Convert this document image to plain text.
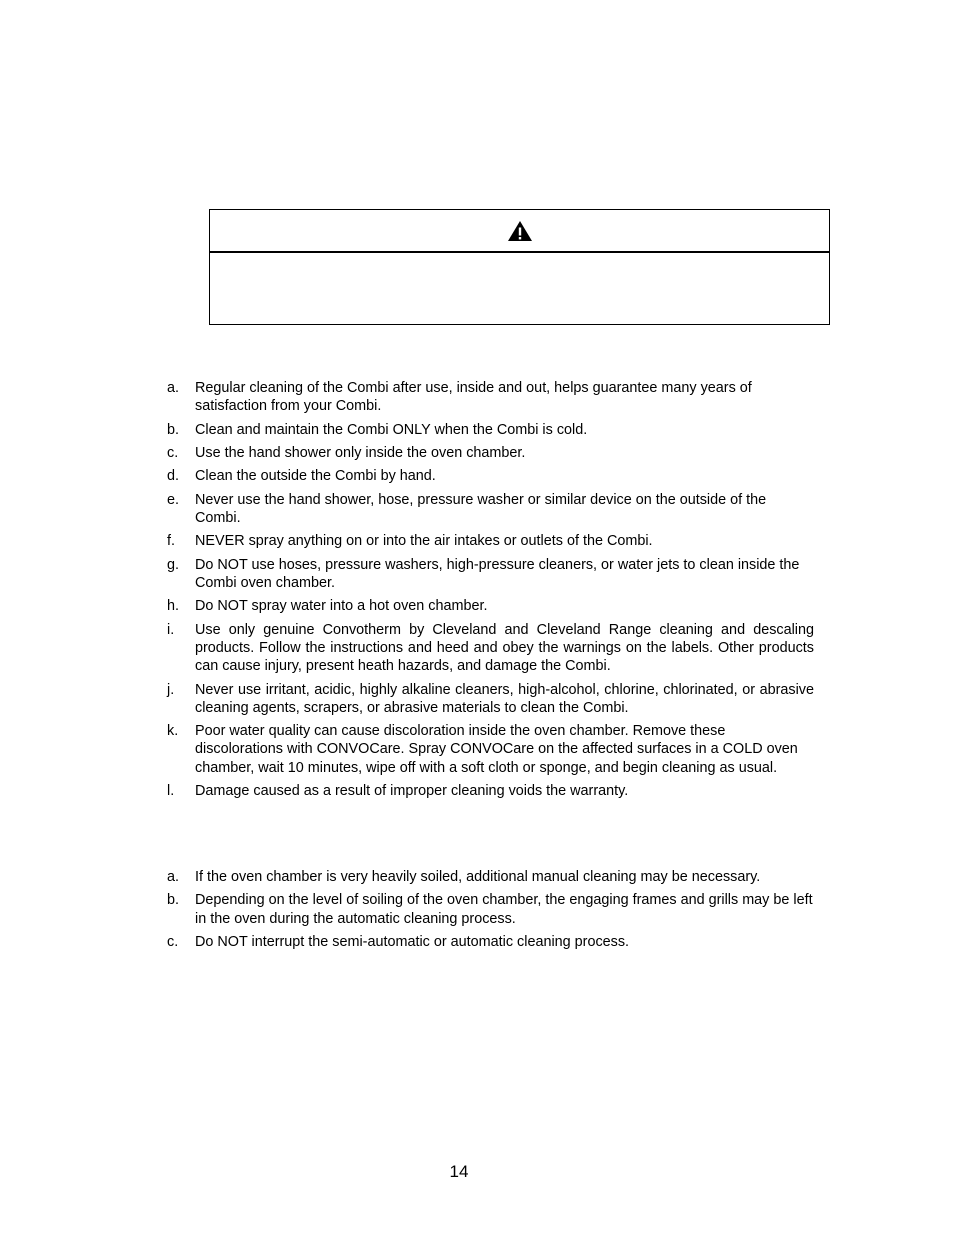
a.	Regular cleaning of the Combi after use, inside and out, helps guarantee many years of satisfaction from your Combi.
b.	Clean and maintain the Combi ONLY when the Combi is cold.
c.	Use the hand shower only inside the oven chamber.
d.	Clean the outside the Combi by hand.
e.	Never use the hand shower, hose, pressure washer or similar device on the outside of the Combi.
f.	NEVER spray anything on or into the air intakes or outlets of the Combi.
g.	Do NOT use hoses, pressure washers, high-pressure cleaners, or water jets to clean inside the Combi oven chamber.
h.	Do NOT spray water into a hot oven chamber.
i.	Use only genuine Convotherm by Cleveland and Cleveland Range cleaning and descaling products. Follow the instructions and heed and obey the warnings on the labels. Other products can cause injury, present heath hazards, and damage the Combi.
j.	Never use irritant, acidic, highly alkaline cleaners, high-alcohol, chlorine, chlorinated, or abrasive cleaning agents, scrapers, or abrasive materials to clean the Combi.
k.	Poor water quality can cause discoloration inside the oven chamber. Remove these discolorations with CONVOCare. Spray CONVOCare on the affected surfaces in a COLD oven chamber, wait 10 minutes, wipe off with a soft cloth or sponge, and begin cleaning as usual.
l.	Damage caused as a result of improper cleaning voids the warranty.
a.	If the oven chamber is very heavily soiled, additional manual cleaning may be necessary.
b.	Depending on the level of soiling of the oven chamber, the engaging frames and grills may be left in the oven during the automatic cleaning process.
c.	Do NOT interrupt the semi-automatic or automatic cleaning process.
14
